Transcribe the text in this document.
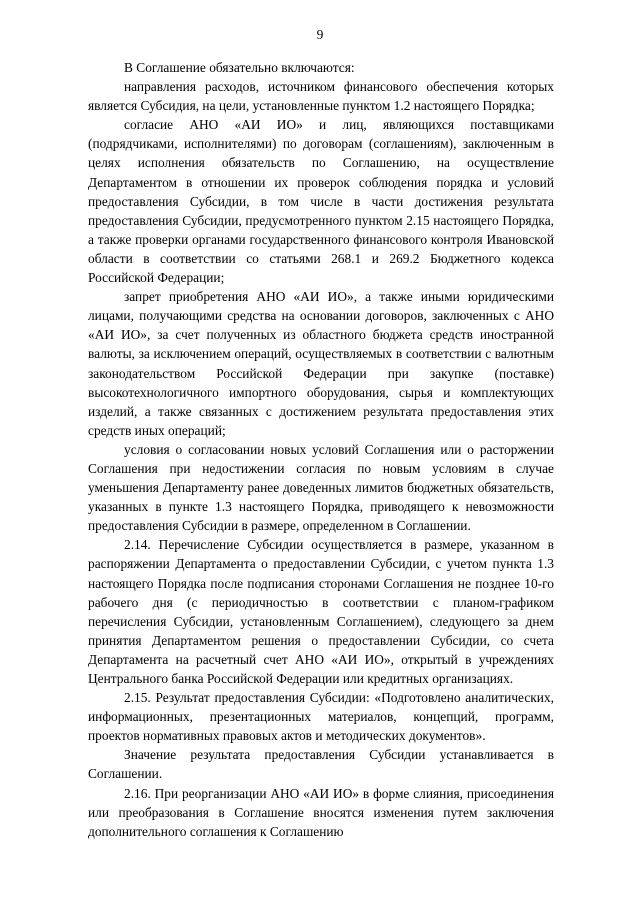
9

В Соглашение обязательно включаются:

направления расходов, источником финансового обеспечения которых является Субсидия, на цели, установленные пунктом 1.2 настоящего Порядка;

согласие АНО «АИ ИО» и лиц, являющихся поставщиками (подрядчиками, исполнителями) по договорам (соглашениям), заключенным в целях исполнения обязательств по Соглашению, на осуществление Департаментом в отношении их проверок соблюдения порядка и условий предоставления Субсидии, в том числе в части достижения результата предоставления Субсидии, предусмотренного пунктом 2.15 настоящего Порядка, а также проверки органами государственного финансового контроля Ивановской области в соответствии со статьями 268.1 и 269.2 Бюджетного кодекса Российской Федерации;

запрет приобретения АНО «АИ ИО», а также иными юридическими лицами, получающими средства на основании договоров, заключенных с АНО «АИ ИО», за счет полученных из областного бюджета средств иностранной валюты, за исключением операций, осуществляемых в соответствии с валютным законодательством Российской Федерации при закупке (поставке) высокотехнологичного импортного оборудования, сырья и комплектующих изделий, а также связанных с достижением результата предоставления этих средств иных операций;

условия о согласовании новых условий Соглашения или о расторжении Соглашения при недостижении согласия по новым условиям в случае уменьшения Департаменту ранее доведенных лимитов бюджетных обязательств, указанных в пункте 1.3 настоящего Порядка, приводящего к невозможности предоставления Субсидии в размере, определенном в Соглашении.

2.14. Перечисление Субсидии осуществляется в размере, указанном в распоряжении Департамента о предоставлении Субсидии, с учетом пункта 1.3 настоящего Порядка после подписания сторонами Соглашения не позднее 10-го рабочего дня (с периодичностью в соответствии с планом-графиком перечисления Субсидии, установленным Соглашением), следующего за днем принятия Департаментом решения о предоставлении Субсидии, со счета Департамента на расчетный счет АНО «АИ ИО», открытый в учреждениях Центрального банка Российской Федерации или кредитных организациях.

2.15. Результат предоставления Субсидии: «Подготовлено аналитических, информационных, презентационных материалов, концепций, программ, проектов нормативных правовых актов и методических документов».

Значение результата предоставления Субсидии устанавливается в Соглашении.

2.16. При реорганизации АНО «АИ ИО» в форме слияния, присоединения или преобразования в Соглашение вносятся изменения путем заключения дополнительного соглашения к Соглашению
